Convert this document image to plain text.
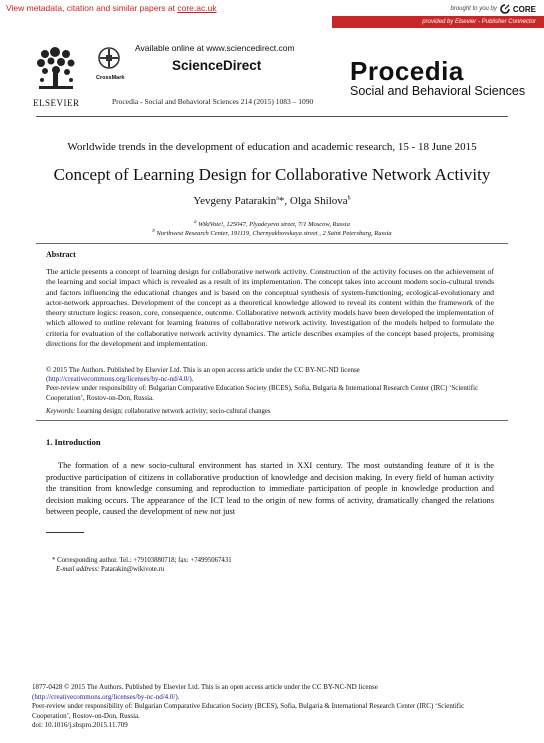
View metadata, citation and similar papers at core.ac.uk	brought to you by CORE
provided by Elsevier - Publisher Connector
ELSEVIER
CrossMark
Available online at www.sciencedirect.com
ScienceDirect
Procedia - Social and Behavioral Sciences 214 (2015) 1083 – 1090
Procedia
Social and Behavioral Sciences
Worldwide trends in the development of education and academic research, 15 - 18 June 2015
Concept of Learning Design for Collaborative Network Activity
Yevgeny Patarakin$^a$*, Olga Shilova$^b$
$^a$ WikiVote!, 125047, Plyadeyeva street, 7/1 Moscow, Russia
$^b$ Northwest Research Center, 191119, Chernyakhovskaya street , 2 Saint Petersburg, Russia
Abstract
The article presents a concept of learning design for collaborative network activity. Construction of the activity focuses on the achievement of the learning and social impact which is revealed as a result of its implementation. The concept takes into account modern socio-cultural trends and factors influencing the educational changes and is based on the conceptual synthesis of system-functioning, ecological-evolutionary and actor-network approaches. Development of the concept as a theoretical knowledge allowed to reveal its content within the framework of the theory structure logics: reason, core, consequence, outcome. Collaborative network activity models have been developed the implementation of which allowed to outline relevant for learning features of collaborative network activity. Investigation of the models helped to formulate the criteria for evaluation of the collaborative network activity dynamics. The article describes examples of the concept based projects, promising directions for the development and implementation.
© 2015 The Authors. Published by Elsevier Ltd. This is an open access article under the CC BY-NC-ND license
(http://creativecommons.org/licenses/by-nc-nd/4.0/).
Peer-review under responsibility of: Bulgarian Comparative Education Society (BCES), Sofia, Bulgaria & International Research Center (IRC) ‘Scientific Cooperation’, Rostov-on-Don, Russia.
Keywords: Learning design; collaborative network activity; socio-cultural changes
1. Introduction
The formation of a new socio-cultural environment has started in XXI century. The most outstanding feature of it is the productive participation of citizens in collaborative production of knowledge and decision making. In every field of human activity the transition from knowledge consuming and reproduction to immediate participation of people in knowledge production and decision making occurs. The appearance of the ICT lead to the origin of new forms of activity, dramatically changed the relations between people, caused the development of new not just
* Corresponding author. Tel.: +79103880718; fax: +74995067431
E-mail address: Patarakin@wikivote.ru
1877-0428 © 2015 The Authors. Published by Elsevier Ltd. This is an open access article under the CC BY-NC-ND license
(http://creativecommons.org/licenses/by-nc-nd/4.0/).
Peer-review under responsibility of: Bulgarian Comparative Education Society (BCES), Sofia, Bulgaria & International Research Center (IRC) ‘Scientific Cooperation’, Rostov-on-Don, Russia.
doi: 10.1016/j.sbspro.2015.11.709
